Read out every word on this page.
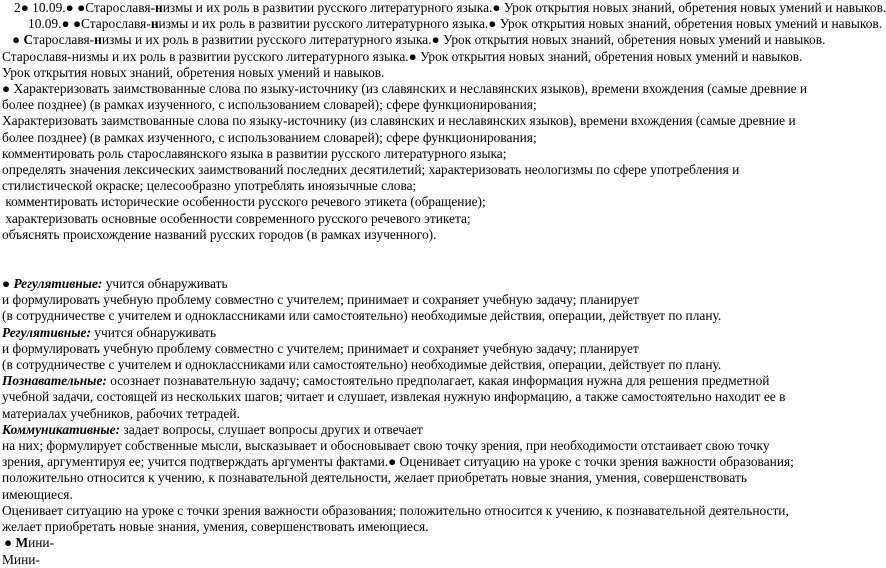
2● 10.09.● ●Старославя-низмы и их роль в развитии русского литературного языка.● Урок открытия новых знаний, обретения новых умений и навыков.
10.09.● ●Старославя-низмы и их роль в развитии русского литературного языка.● Урок открытия новых знаний, обретения новых умений и навыков.
● Старославя-низмы и их роль в развитии русского литературного языка.● Урок открытия новых знаний, обретения новых умений и навыков.
Старославя-низмы и их роль в развитии русского литературного языка.● Урок открытия новых знаний, обретения новых умений и навыков.
Урок открытия новых знаний, обретения новых умений и навыков.
● Характеризовать заимствованные слова по языку-источнику (из славянских и неславянских языков), времени вхождения (самые древние и более позднее) (в рамках изученного, с использованием словарей); сфере функционирования;
Характеризовать заимствованные слова по языку-источнику (из славянских и неславянских языков), времени вхождения (самые древние и более позднее) (в рамках изученного, с использованием словарей); сфере функционирования;
комментировать роль старославянского языка в развитии русского литературного языка;
определять значения лексических заимствований последних десятилетий; характеризовать неологизмы по сфере употребления и стилистической окраске; целесообразно употреблять иноязычные слова;
комментировать исторические особенности русского речевого этикета (обращение);
характеризовать основные особенности современного русского речевого этикета;
объяснять происхождение названий русских городов (в рамках изученного).
● Регулятивные: учится обнаруживать
и формулировать учебную проблему совместно с учителем; принимает и сохраняет учебную задачу; планирует
(в сотрудничестве с учителем и одноклассниками или самостоятельно) необходимые действия, операции, действует по плану.
Регулятивные: учится обнаруживать
и формулировать учебную проблему совместно с учителем; принимает и сохраняет учебную задачу; планирует
(в сотрудничестве с учителем и одноклассниками или самостоятельно) необходимые действия, операции, действует по плану.
Познавательные: осознает познавательную задачу; самостоятельно предполагает, какая информация нужна для решения предметной учебной задачи, состоящей из нескольких шагов; читает и слушает, извлекая нужную информацию, а также самостоятельно находит ее в материалах учебников, рабочих тетрадей.
Коммуникативные: задает вопросы, слушает вопросы других и отвечает
на них; формулирует собственные мысли, высказывает и обосновывает свою точку зрения, при необходимости отстаивает свою точку зрения, аргументируя ее; учится подтверждать аргументы фактами.● Оценивает ситуацию на уроке с точки зрения важности образования; положительно относится к учению, к познавательной деятельности, желает приобретать новые знания, умения, совершенствовать имеющиеся.
Оценивает ситуацию на уроке с точки зрения важности образования; положительно относится к учению, к познавательной деятельности, желает приобретать новые знания, умения, совершенствовать имеющиеся.
● Мини-
Мини-
